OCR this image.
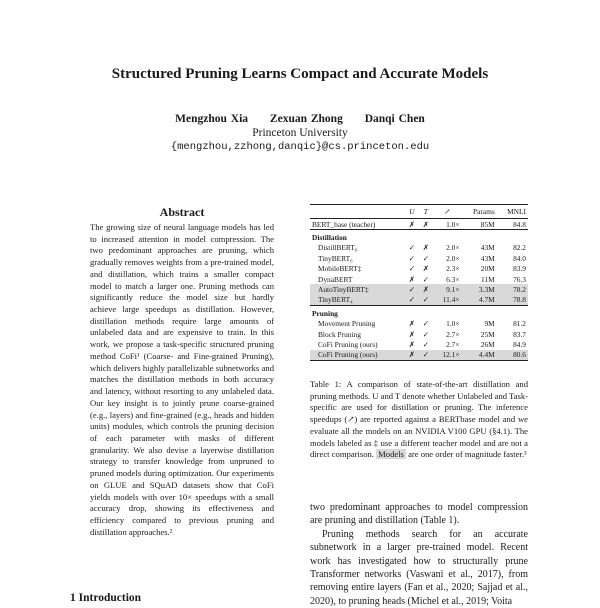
Structured Pruning Learns Compact and Accurate Models
Mengzhou Xia Zexuan Zhong Danqi Chen
Princeton University
{mengzhou,zzhong,danqic}@cs.princeton.edu
Abstract
The growing size of neural language models has led to increased attention in model compression. The two predominant approaches are pruning, which gradually removes weights from a pre-trained model, and distillation, which trains a smaller compact model to match a larger one. Pruning methods can significantly reduce the model size but hardly achieve large speedups as distillation. However, distillation methods require large amounts of unlabeled data and are expensive to train. In this work, we propose a task-specific structured pruning method CoFi¹ (Coarse- and Fine-grained Pruning), which delivers highly parallelizable subnetworks and matches the distillation methods in both accuracy and latency, without resorting to any unlabeled data. Our key insight is to jointly prune coarse-grained (e.g., layers) and fine-grained (e.g., heads and hidden units) modules, which controls the pruning decision of each parameter with masks of different granularity. We also devise a layerwise distillation strategy to transfer knowledge from unpruned to pruned models during optimization. Our experiments on GLUE and SQuAD datasets show that CoFi yields models with over 10× speedups with a small accuracy drop, showing its effectiveness and efficiency compared to previous pruning and distillation approaches.²
1 Introduction
	U	T	↗	Params	MNLI
BERT_base (teacher)	✗	✗	1.0×	85M	84.8
Distillation					
DistillBERT₆	✓	✗	2.0×	43M	82.2
TinyBERT₆	✓	✓	2.0×	43M	84.0
MobileBERT‡	✓	✗	2.3×	20M	83.9
DynaBERT	✗	✓	6.3×	11M	76.3
AutoTinyBERT‡	✓	✗	9.1×	3.3M	78.2
TinyBERT₄	✓	✓	11.4×	4.7M	78.8
Pruning					
Movement Pruning	✗	✓	1.0×	9M	81.2
Block Pruning	✗	✓	2.7×	25M	83.7
CoFi Pruning (ours)	✗	✓	2.7×	26M	84.9
CoFi Pruning (ours)	✗	✓	12.1×	4.4M	80.6
Table 1: A comparison of state-of-the-art distillation and pruning methods. U and T denote whether Unlabeled and Task-specific are used for distillation or pruning. The inference speedups (↗) are reported against a BERTbase model and we evaluate all the models on an NVIDIA V100 GPU (§4.1). The models labeled as ‡ use a different teacher model and are not a direct comparison. Models are one order of magnitude faster.³

two predominant approaches to model compression are pruning and distillation (Table 1).

Pruning methods search for an accurate subnetwork in a larger pre-trained model. Recent work has investigated how to structurally prune Transformer networks (Vaswani et al., 2017), from removing entire layers (Fan et al., 2020; Sajjad et al., 2020), to pruning heads (Michel et al., 2019; Voita
